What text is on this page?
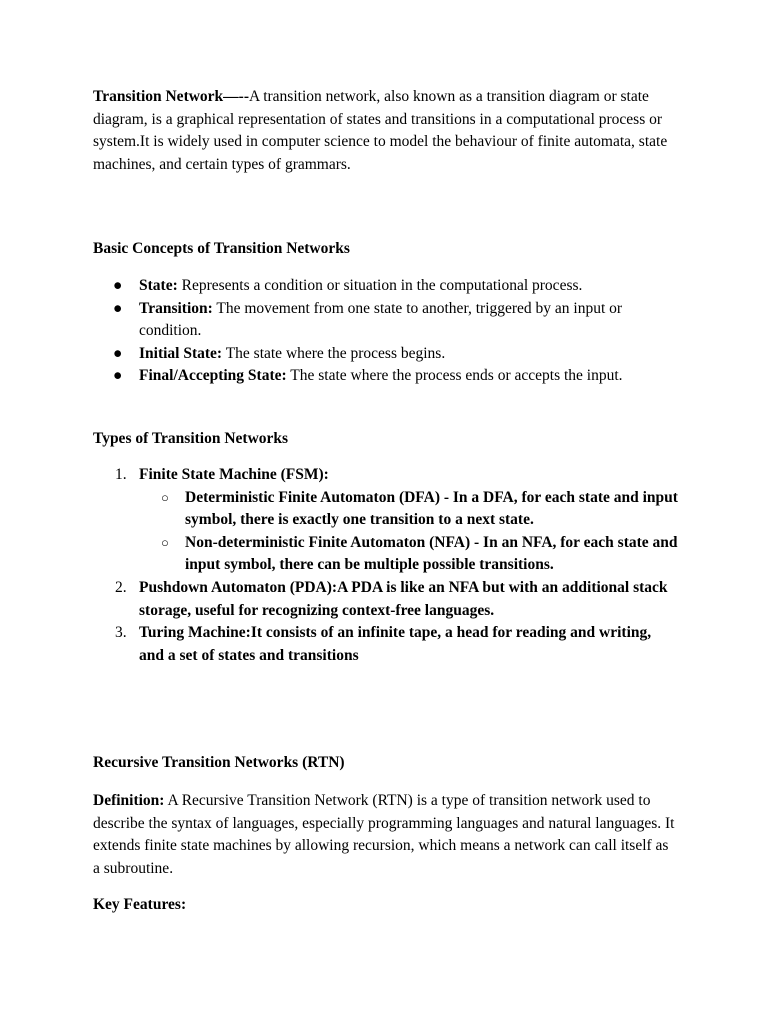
Transition Network—--A transition network, also known as a transition diagram or state diagram, is a graphical representation of states and transitions in a computational process or system.It is widely used in computer science to model the behaviour of finite automata, state machines, and certain types of grammars.

Basic Concepts of Transition Networks

● State: Represents a condition or situation in the computational process.
● Transition: The movement from one state to another, triggered by an input or condition.
● Initial State: The state where the process begins.
● Final/Accepting State: The state where the process ends or accepts the input.

Types of Transition Networks

1. Finite State Machine (FSM):
○ Deterministic Finite Automaton (DFA) - In a DFA, for each state and input symbol, there is exactly one transition to a next state.
○ Non-deterministic Finite Automaton (NFA) - In an NFA, for each state and input symbol, there can be multiple possible transitions.
2. Pushdown Automaton (PDA):A PDA is like an NFA but with an additional stack storage, useful for recognizing context-free languages.
3. Turing Machine:It consists of an infinite tape, a head for reading and writing, and a set of states and transitions

Recursive Transition Networks (RTN)

Definition: A Recursive Transition Network (RTN) is a type of transition network used to describe the syntax of languages, especially programming languages and natural languages. It extends finite state machines by allowing recursion, which means a network can call itself as a subroutine.

Key Features:
